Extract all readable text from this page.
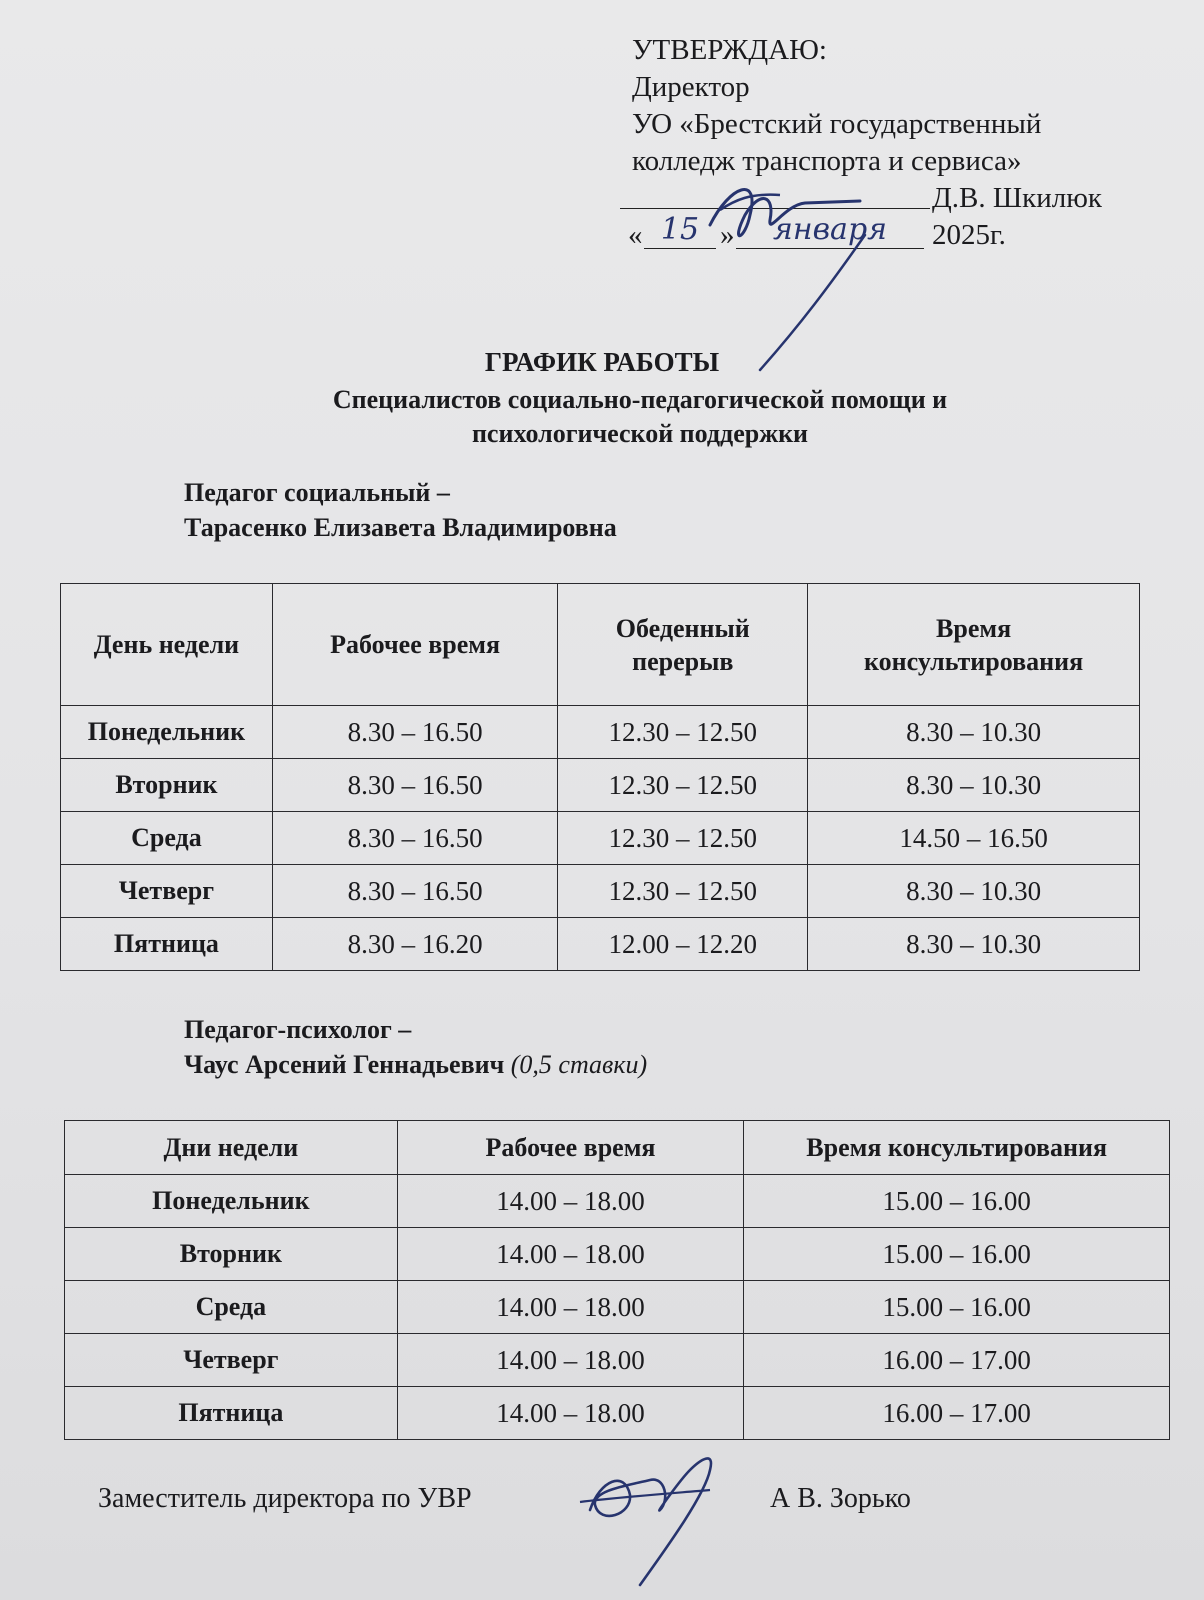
УТВЕРЖДАЮ:
Директор
УО «Брестский государственный
колледж транспорта и сервиса»
Д.В. Шкилюк
« 15 »	января	2025г.
ГРАФИК РАБОТЫ
Специалистов социально-педагогической помощи и
психологической поддержки
Педагог социальный –
Тарасенко Елизавета Владимировна
День недели	Рабочее время	Обеденный перерыв	Время консультирования

Понедельник	8.30 – 16.50	12.30 – 12.50	8.30 – 10.30
Вторник	8.30 – 16.50	12.30 – 12.50	8.30 – 10.30
Среда	8.30 – 16.50	12.30 – 12.50	14.50 – 16.50
Четверг	8.30 – 16.50	12.30 – 12.50	8.30 – 10.30
Пятница	8.30 – 16.20	12.00 – 12.20	8.30 – 10.30
Педагог-психолог –
Чаус Арсений Геннадьевич (0,5 ставки)
Дни недели	Рабочее время	Время консультирования
Понедельник	14.00 – 18.00	15.00 – 16.00
Вторник	14.00 – 18.00	15.00 – 16.00
Среда	14.00 – 18.00	15.00 – 16.00
Четверг	14.00 – 18.00	16.00 – 17.00
Пятница	14.00 – 18.00	16.00 – 17.00
Заместитель директора по УВР	А В. Зорько
